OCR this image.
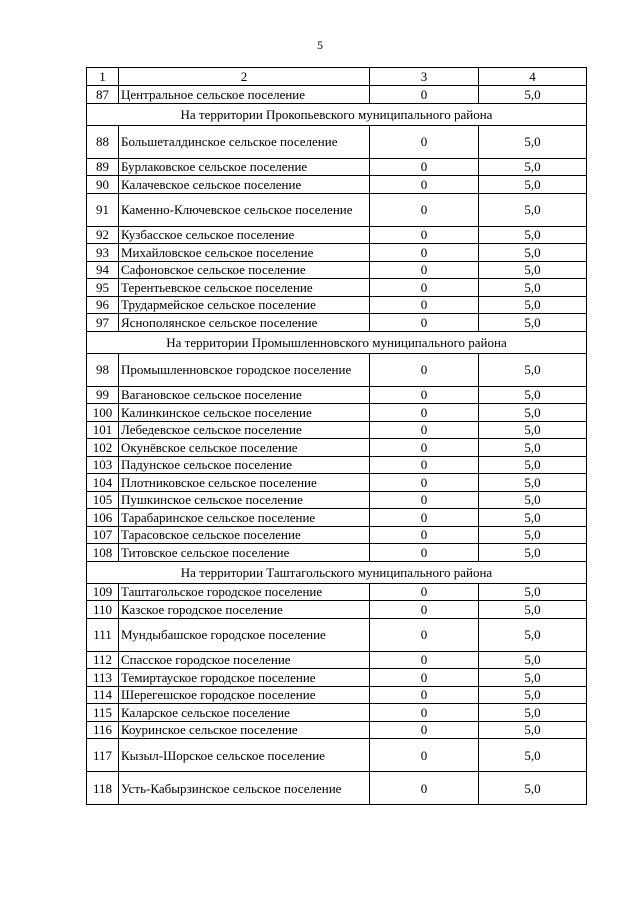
5
1	2	3	4
87	Центральное сельское поселение	0	5,0
На территории Прокопьевского муниципального района			
88	Большеталдинское сельское поселение	0	5,0
89	Бурлаковское сельское поселение	0	5,0
90	Калачевское сельское поселение	0	5,0
91	Каменно-Ключевское сельское поселение	0	5,0
92	Кузбасское сельское поселение	0	5,0
93	Михайловское сельское поселение	0	5,0
94	Сафоновское сельское поселение	0	5,0
95	Терентьевское сельское поселение	0	5,0
96	Трудармейское сельское поселение	0	5,0
97	Яснополянское сельское поселение	0	5,0
На территории Промышленновского муниципального района			
98	Промышленновское городское поселение	0	5,0
99	Вагановское сельское поселение	0	5,0
100	Калинкинское сельское поселение	0	5,0
101	Лебедевское сельское поселение	0	5,0
102	Окунёвское сельское поселение	0	5,0
103	Падунское сельское поселение	0	5,0
104	Плотниковское сельское поселение	0	5,0
105	Пушкинское сельское поселение	0	5,0
106	Тарабаринское сельское поселение	0	5,0
107	Тарасовское сельское поселение	0	5,0
108	Титовское сельское поселение	0	5,0
На территории Таштагольского муниципального района			
109	Таштагольское городское поселение	0	5,0
110	Казское городское поселение	0	5,0
111	Мундыбашское городское поселение	0	5,0
112	Спасское городское поселение	0	5,0
113	Темиртауское городское поселение	0	5,0
114	Шерегешское городское поселение	0	5,0
115	Каларское сельское поселение	0	5,0
116	Коуринское сельское поселение	0	5,0
117	Кызыл-Шорское сельское поселение	0	5,0
118	Усть-Кабырзинское сельское поселение	0	5,0
